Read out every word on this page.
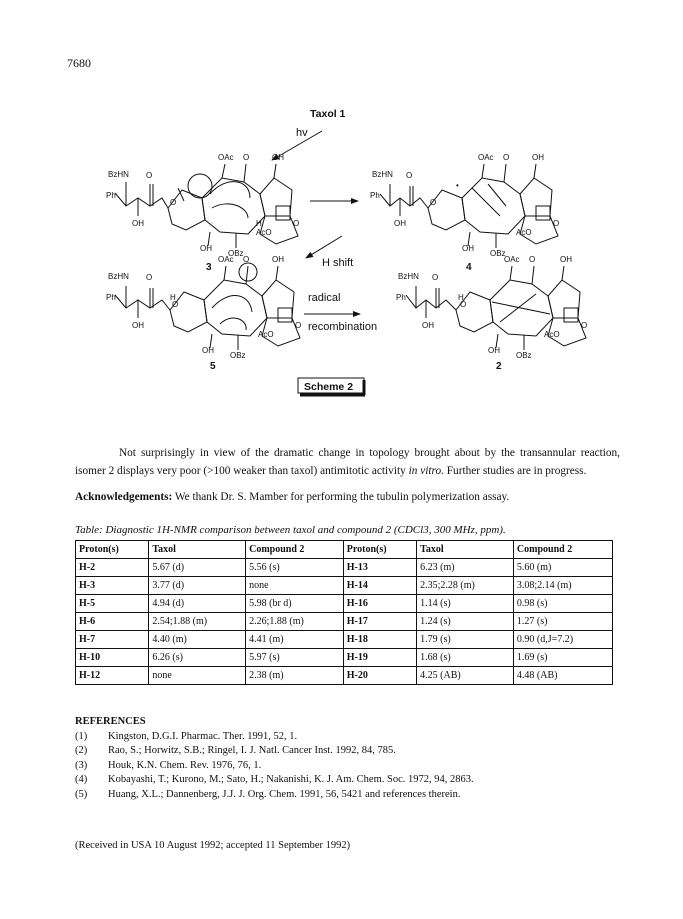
7680
Taxol 1
hv
BzHN O
Ph
O
OH
OAc O	OH
OH
OBz
H
AcO
O
3
BzHN O
Ph
O
OH
•
OAc O	OH
OH
OBz
AcO
O
4
H shift
BzHN O
Ph	H
O
OH
OAc O	OH
OH
OBz
AcO
O
5
radical
recombination
BzHN O
Ph	H
O
OH
OAc O	OH
OH
OBz
AcO
O
2
Scheme 2

Not surprisingly in view of the dramatic change in topology brought about by the transannular reaction, isomer 2 displays very poor (>100 weaker than taxol) antimitotic activity in vitro. Further studies are in progress.

Acknowledgements: We thank Dr. S. Mamber for performing the tubulin polymerization assay.
Table: Diagnostic 1H-NMR comparison between taxol and compound 2 (CDCl3, 300 MHz, ppm).
Proton(s)	Taxol	Compound 2	Proton(s)	Taxol	Compound 2
H-2	5.67 (d)	5.56 (s)	H-13	6.23 (m)	5.60 (m)
H-3	3.77 (d)	none	H-14	2.35;2.28 (m)	3.08;2.14 (m)
H-5	4.94 (d)	5.98 (br d)	H-16	1.14 (s)	0.98 (s)
H-6	2.54;1.88 (m)	2.26;1.88 (m)	H-17	1.24 (s)	1.27 (s)
H-7	4.40 (m)	4.41 (m)	H-18	1.79 (s)	0.90 (d,J=7.2)
H-10	6.26 (s)	5.97 (s)	H-19	1.68 (s)	1.69 (s)
H-12	none	2.38 (m)	H-20	4.25 (AB)	4.48 (AB)
REFERENCES
(1)	Kingston, D.G.I. Pharmac. Ther. 1991, 52, 1.
(2)	Rao, S.; Horwitz, S.B.; Ringel, I. J. Natl. Cancer Inst. 1992, 84, 785.
(3)	Houk, K.N. Chem. Rev. 1976, 76, 1.
(4)	Kobayashi, T.; Kurono, M.; Sato, H.; Nakanishi, K. J. Am. Chem. Soc. 1972, 94, 2863.
(5)	Huang, X.L.; Dannenberg, J.J. J. Org. Chem. 1991, 56, 5421 and references therein.
(Received in USA 10 August 1992; accepted 11 September 1992)
